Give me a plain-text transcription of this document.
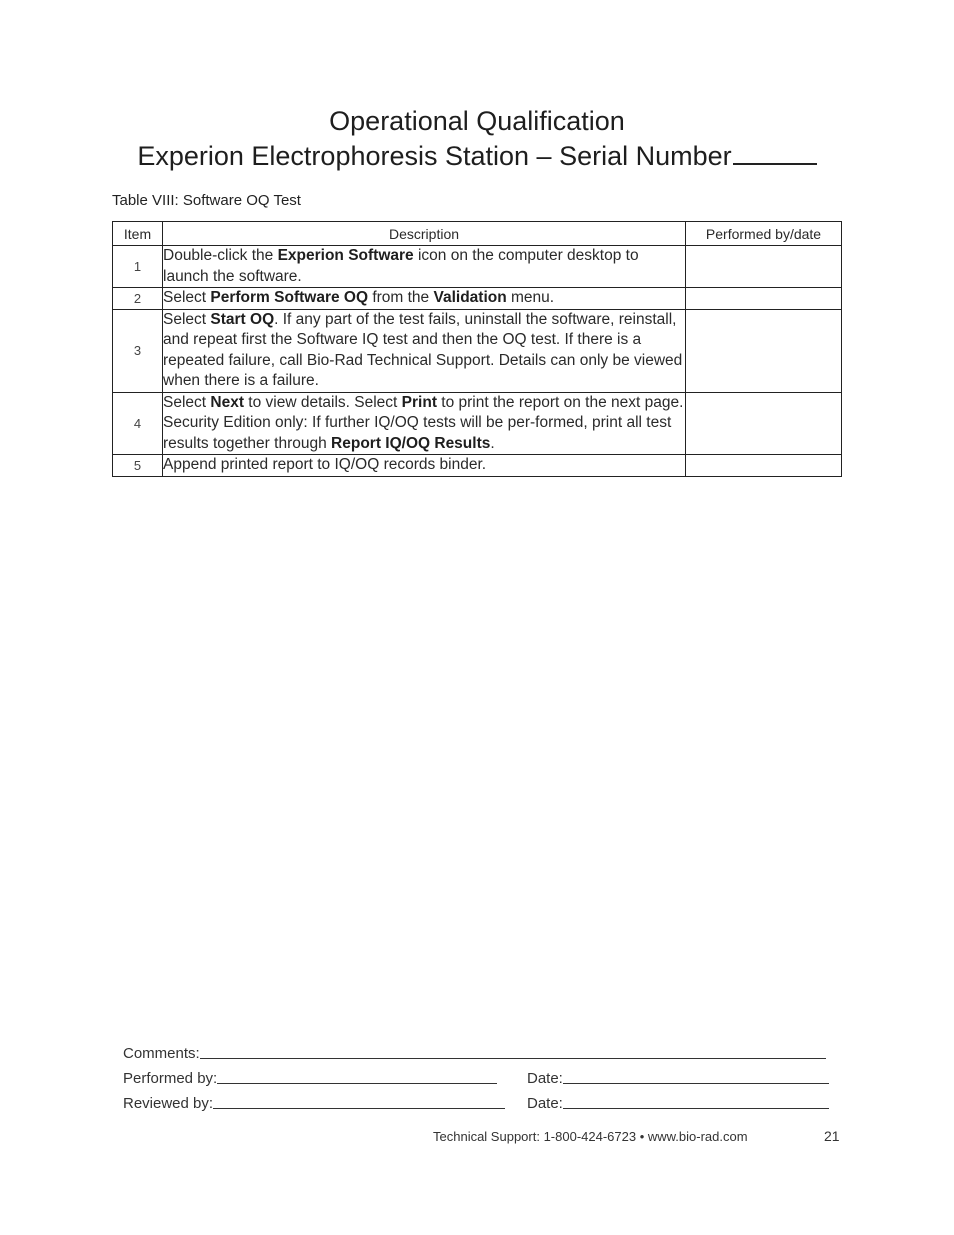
Operational Qualification
Experion Electrophoresis Station – Serial Number
Table VIII: Software OQ Test
Item	Description	Performed by/date
1	Double-click the Experion Software icon on the computer desktop to launch the software.	
2	Select Perform Software OQ from the Validation menu.	
3	Select Start OQ. If any part of the test fails, uninstall the software, reinstall, and repeat first the Software IQ test and then the OQ test. If there is a repeated failure, call Bio-Rad Technical Support. Details can only be viewed when there is a failure.	
4	Select Next to view details. Select Print to print the report on the next page. Security Edition only: If further IQ/OQ tests will be per-formed, print all test results together through Report IQ/OQ Results.	
5	Append printed report to IQ/OQ records binder.	
Comments:
Performed by:	Date:
Reviewed by:	Date:
Technical Support: 1-800-424-6723 • www.bio-rad.com	21
